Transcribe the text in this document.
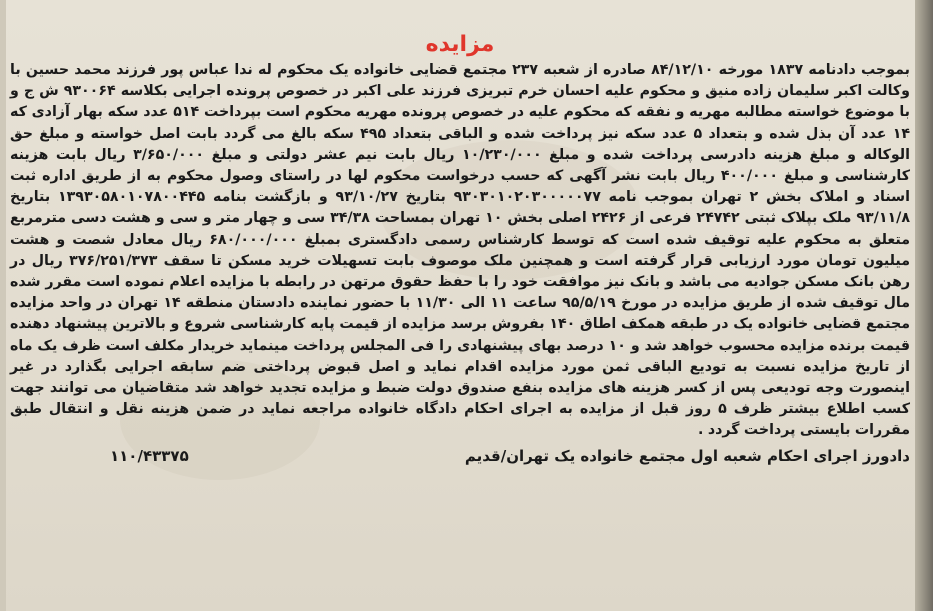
مزایده

بموجب دادنامه ۱۸۳۷ مورخه ۸۴/۱۲/۱۰ صادره از شعبه ۲۳۷ مجتمع قضایی خانواده یک محکوم له ندا عباس پور فرزند محمد حسین با وکالت اکبر سلیمان زاده منیق و محکوم علیه احسان خرم تبریزی فرزند علی اکبر در خصوص پرونده اجرایی بکلاسه ۹۳۰۰۶۴ ش ج و با موضوع خواسته مطالبه مهریه و نفقه که محکوم علیه در خصوص پرونده مهریه محکوم است بپرداخت ۵۱۴ عدد سکه بهار آزادی که ۱۴ عدد آن بذل شده و بتعداد ۵ عدد سکه نیز پرداخت شده و الباقی بتعداد ۴۹۵ سکه بالغ می گردد بابت اصل خواسته و مبلغ حق الوکاله و مبلغ هزینه دادرسی پرداخت شده و مبلغ ۱۰/۲۳۰/۰۰۰ ریال بابت نیم عشر دولتی و مبلغ ۳/۶۵۰/۰۰۰ ریال بابت هزینه کارشناسی و مبلغ ۴۰۰/۰۰۰ ریال بابت نشر آگهی که حسب درخواست محکوم لها در راستای وصول محکوم به از طریق اداره ثبت اسناد و املاک بخش ۲ تهران بموجب نامه ۹۳۰۳۰۱۰۲۰۳۰۰۰۰۰۷۷ بتاریخ ۹۳/۱۰/۲۷ و بازگشت بنامه ۱۳۹۳۰۵۸۰۱۰۷۸۰۰۴۴۵ بتاریخ ۹۳/۱۱/۸ ملک بپلاک ثبتی ۲۴۷۴۲ فرعی از ۲۴۲۶ اصلی بخش ۱۰ تهران بمساحت ۳۴/۳۸ سی و چهار متر و سی و هشت دسی مترمربع متعلق به محکوم علیه توقیف شده است که توسط کارشناس رسمی دادگستری بمبلغ ۶۸۰/۰۰۰/۰۰۰ ریال معادل شصت و هشت میلیون تومان مورد ارزیابی قرار گرفته است و همچنین ملک موصوف بابت تسهیلات خرید مسکن تا سقف ۳۷۶/۲۵۱/۳۷۳ ریال در رهن بانک مسکن جوادیه می باشد و بانک نیز موافقت خود را با حفظ حقوق مرتهن در رابطه با مزایده اعلام نموده است مقرر شده مال توقیف شده از طریق مزایده در مورخ ۹۵/۵/۱۹ ساعت ۱۱ الی ۱۱/۳۰ با حضور نماینده دادستان منطقه ۱۴ تهران در واحد مزایده مجتمع قضایی خانواده یک در طبقه همکف اطاق ۱۴۰ بفروش برسد مزایده از قیمت پایه کارشناسی شروع و بالاترین پیشنهاد دهنده قیمت برنده مزایده محسوب خواهد شد و ۱۰ درصد بهای پیشنهادی را فی المجلس پرداخت مینماید خریدار مکلف است ظرف یک ماه از تاریخ مزایده نسبت به تودیع الباقی ثمن مورد مزایده اقدام نماید و اصل قبوض پرداختی ضم سابقه اجرایی بگذارد در غیر اینصورت وجه تودیعی پس از کسر هزینه های مزایده بنفع صندوق دولت ضبط و مزایده تجدید خواهد شد متقاضیان می توانند جهت کسب اطلاع بیشتر ظرف ۵ روز قبل از مزایده به اجرای احکام دادگاه خانواده مراجعه نماید در ضمن هزینه نقل و انتقال طبق مقررات بایستی پرداخت گردد .

دادورز اجرای احکام شعبه اول مجتمع خانواده یک تهران/قدیم
۱۱۰/۴۳۳۷۵
